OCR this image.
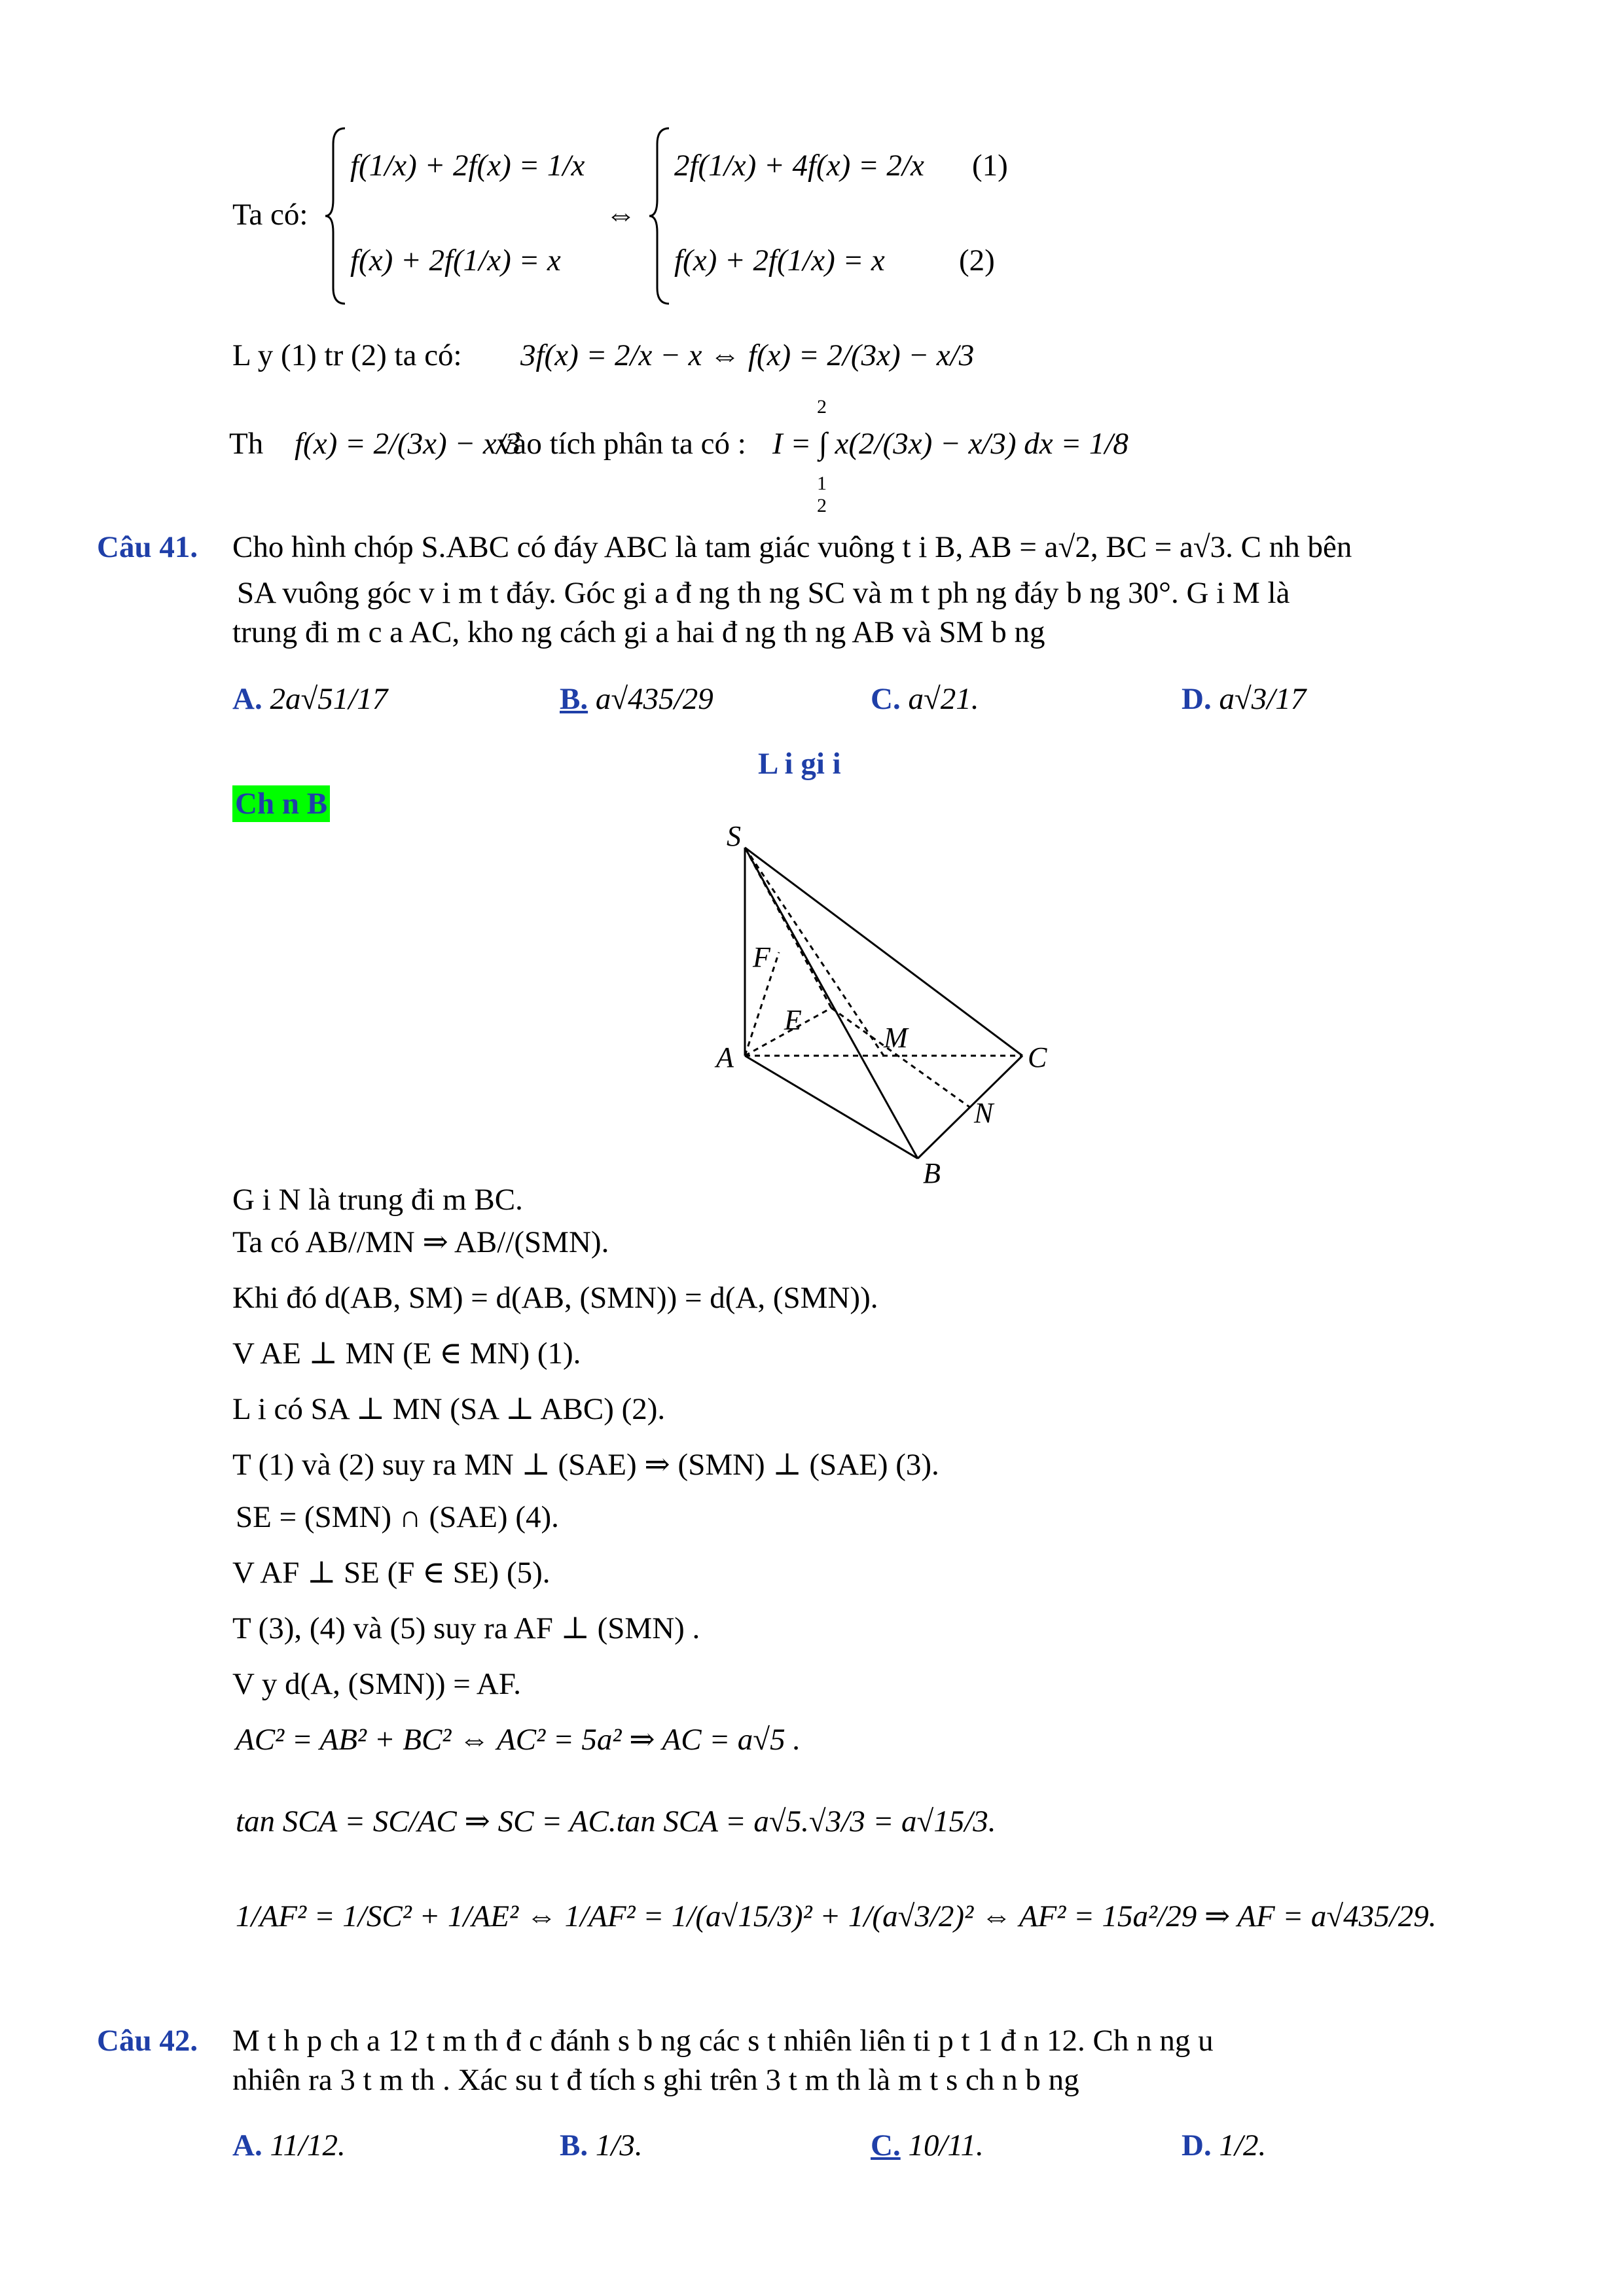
Ta có:
f(1/x) + 2f(x) = 1/x
f(x) + 2f(1/x) = x
⇔
2f(1/x) + 4f(x) = 2/x (1)
f(x) + 2f(1/x) = x (2)
L y (1) tr (2) ta có: 3f(x) = 2/x − x ⇔ f(x) = 2/(3x) − x/3
Th f(x) = 2/(3x) − x/3
vào tích phân ta có : I = ∫ x(2/(3x) − x/3) dx = 1/8
2
1
2
Câu 41. Cho hình chóp S.ABC có đáy ABC là tam giác vuông t i B, AB = a√2, BC = a√3. C nh bên
SA vuông góc v i m t đáy. Góc gi a đ ng th ng SC và m t ph ng đáy b ng 30°. G i M là
trung đi m c a AC, kho ng cách gi a hai đ ng th ng AB và SM b ng
A. 2a√51/17	B. a√435/29	C. a√21.	D. a√3/17
L i gi i
Ch n B
S
F
E
A
M
C
N
B
G i N là trung đi m BC.
Ta có AB//MN ⇒ AB//(SMN).
Khi đó d(AB, SM) = d(AB, (SMN)) = d(A, (SMN)).
V AE ⊥ MN (E ∈ MN) (1).
L i có SA ⊥ MN (SA ⊥ ABC) (2).
T (1) và (2) suy ra MN ⊥ (SAE) ⇒ (SMN) ⊥ (SAE) (3).
SE = (SMN) ∩ (SAE) (4).
V AF ⊥ SE (F ∈ SE) (5).
T (3), (4) và (5) suy ra AF ⊥ (SMN) .
V y d(A, (SMN)) = AF.
AC² = AB² + BC² ⇔ AC² = 5a² ⇒ AC = a√5 .
tan SCA = SC/AC ⇒ SC = AC.tan SCA = a√5.√3/3 = a√15/3.
1/AF² = 1/SC² + 1/AE² ⇔ 1/AF² = 1/(a√15/3)² + 1/(a√3/2)² ⇔ AF² = 15a²/29 ⇒ AF = a√435/29.
Câu 42. M t h p ch a 12 t m th đ c đánh s b ng các s t nhiên liên ti p t 1 đ n 12. Ch n ng u
nhiên ra 3 t m th . Xác su t đ tích s ghi trên 3 t m th là m t s ch n b ng
A. 11/12.	B. 1/3.	C. 10/11.	D. 1/2.
